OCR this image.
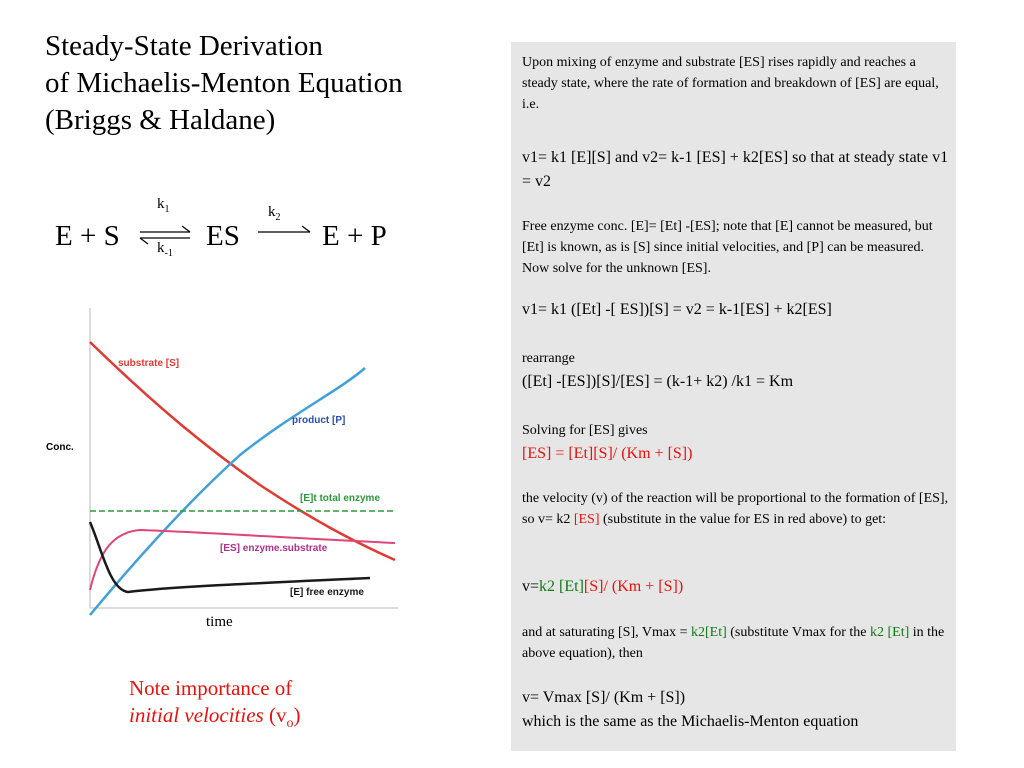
Steady-State Derivation
of Michaelis-Menton Equation
(Briggs & Haldane)
E + S
$k_1$
$k_{-1}$
ES
$k_2$
E + P
Conc.
substrate [S]
product [P]
[E]t total enzyme
[ES] enzyme.substrate
[E] free enzyme
time
Note importance of
initial velocities $(v_o)$
Upon mixing of enzyme and substrate [ES] rises rapidly and reaches a steady state, where the rate of formation and breakdown of [ES] are equal, i.e.
v1= k1 [E][S] and v2= k-1 [ES] + k2[ES] so that at steady state v1 = v2
Free enzyme conc. [E]= [Et] -[ES]; note that [E] cannot be measured, but [Et] is known, as is [S] since initial velocities, and [P] can be measured. Now solve for the unknown [ES].
v1= k1 ([Et] -[ ES])[S] = v2 = k-1[ES] + k2[ES]
rearrange
([Et] -[ES])[S]/[ES] = (k-1+ k2) /k1 = Km
Solving for [ES] gives
[ES] = [Et][S]/ (Km + [S])
the velocity (v) of the reaction will be proportional to the formation of [ES], so v= k2 [ES] (substitute in the value for ES in red above) to get:
v=k2 [Et][S]/ (Km + [S])
and at saturating [S], Vmax = k2[Et] (substitute Vmax for the k2 [Et] in the above equation), then
v= Vmax [S]/ (Km + [S])
which is the same as the Michaelis-Menton equation
